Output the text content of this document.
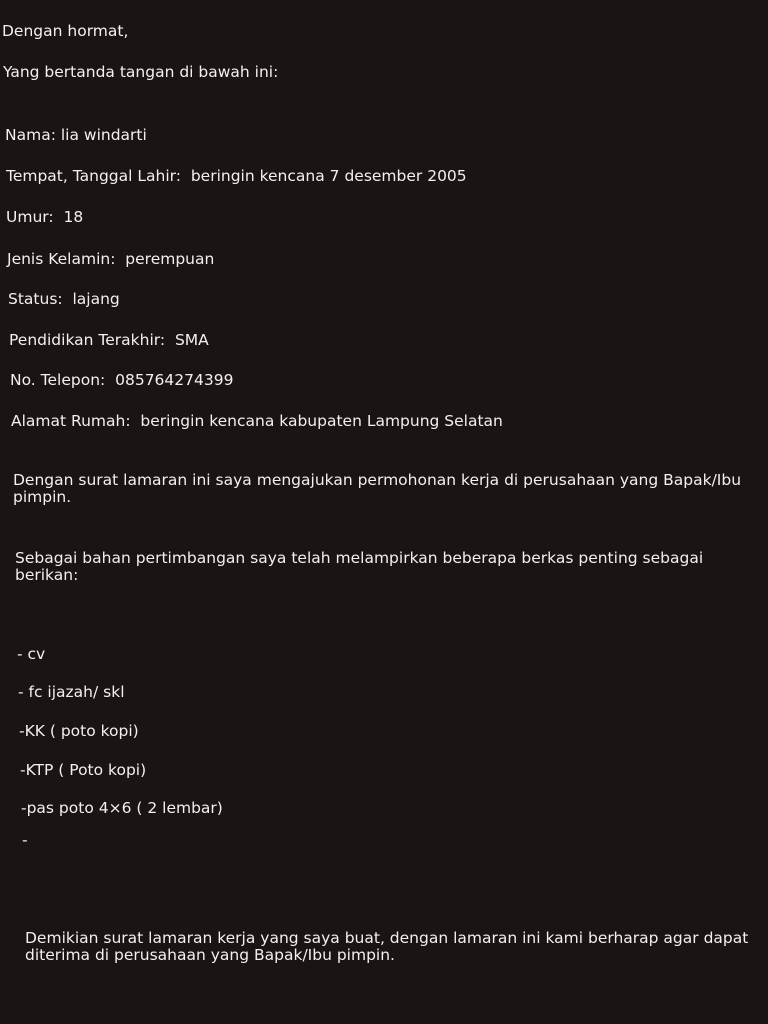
Dengan hormat,

Yang bertanda tangan di bawah ini:

Nama: lia windarti

Tempat, Tanggal Lahir: beringin kencana 7 desember 2005

Umur: 18

Jenis Kelamin: perempuan

Status: lajang

Pendidikan Terakhir: SMA

No. Telepon: 085764274399

Alamat Rumah: beringin kencana kabupaten Lampung Selatan

Dengan surat lamaran ini saya mengajukan permohonan kerja di perusahaan yang Bapak/Ibu pimpin.

Sebagai bahan pertimbangan saya telah melampirkan beberapa berkas penting sebagai berikan:

- cv

- fc ijazah/ skl

-KK ( poto kopi)

-KTP ( Poto kopi)

-pas poto 4×6 ( 2 lembar)

-

Demikian surat lamaran kerja yang saya buat, dengan lamaran ini kami berharap agar dapat diterima di perusahaan yang Bapak/Ibu pimpin.
